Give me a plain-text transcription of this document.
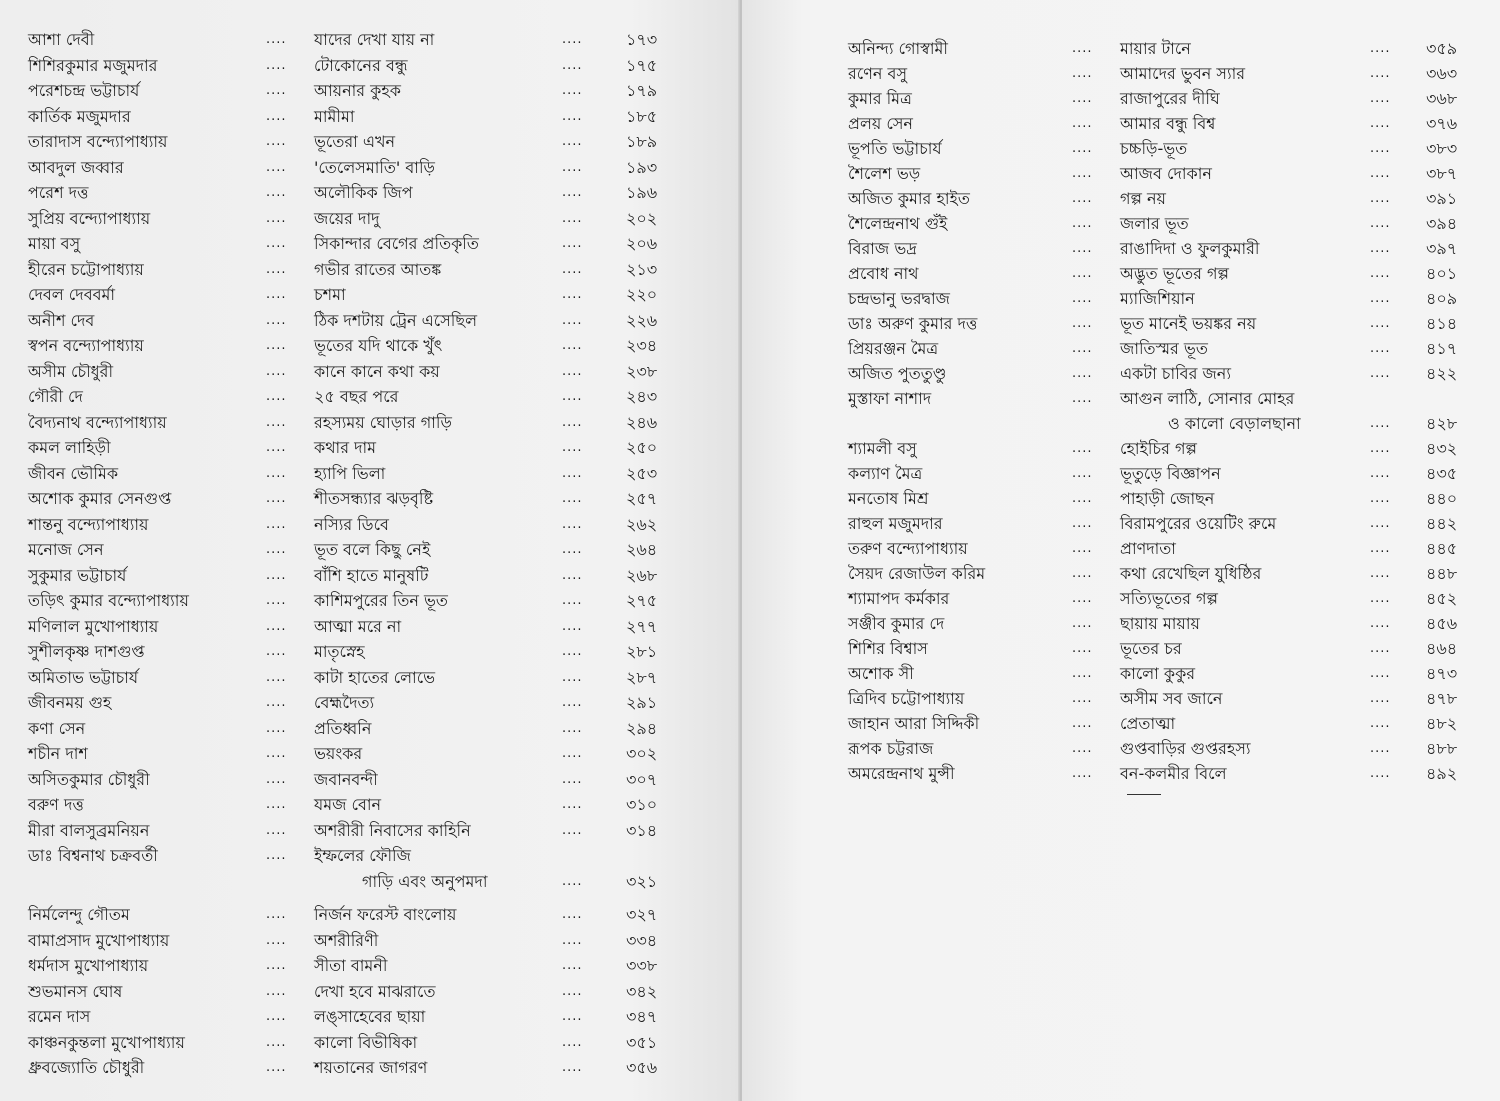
আশা দেবী	.... যাদের দেখা যায় না	....	১৭৩
শিশিরকুমার মজুমদার	.... টোকোনের বন্ধু	....	১৭৫
পরেশচন্দ্র ভট্টাচার্য	.... আয়নার কুহক	....	১৭৯
কার্তিক মজুমদার	.... মামীমা	....	১৮৫
তারাদাস বন্দ্যোপাধ্যায়	.... ভূতেরা এখন	....	১৮৯
আবদুল জব্বার	.... 'তেলেসমাতি' বাড়ি	....	১৯৩
পরেশ দত্ত	.... অলৌকিক জিপ	....	১৯৬
সুপ্রিয় বন্দ্যোপাধ্যায়	.... জয়ের দাদু	....	২০২
মায়া বসু	.... সিকান্দার বেগের প্রতিকৃতি	....	২০৬
হীরেন চট্টোপাধ্যায়	.... গভীর রাতের আতঙ্ক	....	২১৩
দেবল দেববর্মা	.... চশমা	....	২২০
অনীশ দেব	.... ঠিক দশটায় ট্রেন এসেছিল	....	২২৬
স্বপন বন্দ্যোপাধ্যায়	.... ভূতের যদি থাকে খুঁৎ	....	২৩৪
অসীম চৌধুরী	.... কানে কানে কথা কয়	....	২৩৮
গৌরী দে	.... ২৫ বছর পরে	....	২৪৩
বৈদ্যনাথ বন্দ্যোপাধ্যায়	.... রহস্যময় ঘোড়ার গাড়ি	....	২৪৬
কমল লাহিড়ী	.... কথার দাম	....	২৫০
জীবন ভৌমিক	.... হ্যাপি ভিলা	....	২৫৩
অশোক কুমার সেনগুপ্ত	.... শীতসন্ধ্যার ঝড়বৃষ্টি	....	২৫৭
শান্তনু বন্দ্যোপাধ্যায়	.... নস্যির ডিবে	....	২৬২
মনোজ সেন	.... ভূত বলে কিছু নেই	....	২৬৪
সুকুমার ভট্টাচার্য	.... বাঁশি হাতে মানুষটি	....	২৬৮
তড়িৎ কুমার বন্দ্যোপাধ্যায়	.... কাশিমপুরের তিন ভূত	....	২৭৫
মণিলাল মুখোপাধ্যায়	.... আত্মা মরে না	....	২৭৭
সুশীলকৃষ্ণ দাশগুপ্ত	.... মাতৃস্নেহ	....	২৮১
অমিতাভ ভট্টাচার্য	.... কাটা হাতের লোভে	....	২৮৭
জীবনময় গুহ	.... বেহ্মদৈত্য	....	২৯১
কণা সেন	.... প্রতিধ্বনি	....	২৯৪
শচীন দাশ	.... ভয়ংকর	....	৩০২
অসিতকুমার চৌধুরী	.... জবানবন্দী	....	৩০৭
বরুণ দত্ত	.... যমজ বোন	....	৩১০
মীরা বালসুব্রমনিয়ন	.... অশরীরী নিবাসের কাহিনি	....	৩১৪
ডাঃ বিশ্বনাথ চক্রবর্তী	.... ইম্ফলের ফৌজি
গাড়ি এবং অনুপমদা	....	৩২১
নির্মলেন্দু গৌতম	.... নির্জন ফরেস্ট বাংলোয়	....	৩২৭
বামাপ্রসাদ মুখোপাধ্যায়	.... অশরীরিণী	....	৩৩৪
ধর্মদাস মুখোপাধ্যায়	.... সীতা বামনী	....	৩৩৮
শুভমানস ঘোষ	.... দেখা হবে মাঝরাতে	....	৩৪২
রমেন দাস	.... লঙ্সাহেবের ছায়া	....	৩৪৭
কাঞ্চনকুন্তলা মুখোপাধ্যায়	.... কালো বিভীষিকা	....	৩৫১
ধ্রুবজ্যোতি চৌধুরী	.... শয়তানের জাগরণ	....	৩৫৬
অনিন্দ্য গোস্বামী	.... মায়ার টানে	.... ৩৫৯
রণেন বসু	.... আমাদের ভুবন স্যার	.... ৩৬৩
কুমার মিত্র	.... রাজাপুরের দীঘি	.... ৩৬৮
প্রলয় সেন	.... আমার বন্ধু বিশ্ব	.... ৩৭৬
ভূপতি ভট্টাচার্য	.... চচ্চড়ি-ভূত	.... ৩৮৩
শৈলেশ ভড়	.... আজব দোকান	.... ৩৮৭
অজিত কুমার হাইত	.... গল্প নয়	.... ৩৯১
শৈলেন্দ্রনাথ গুঁই	.... জলার ভূত	.... ৩৯৪
বিরাজ ভদ্র	.... রাঙাদিদা ও ফুলকুমারী	.... ৩৯৭
প্রবোধ নাথ	.... অদ্ভুত ভূতের গল্প	.... ৪০১
চন্দ্রভানু ভরদ্বাজ	.... ম্যাজিশিয়ান	.... ৪০৯
ডাঃ অরুণ কুমার দত্ত	.... ভূত মানেই ভয়ঙ্কর নয়	.... ৪১৪
প্রিয়রঞ্জন মৈত্র	.... জাতিস্মর ভূত	.... ৪১৭
অজিত পুততুণ্ডু	.... একটা চাবির জন্য	.... ৪২২
মুস্তাফা নাশাদ	.... আগুন লাঠি, সোনার মোহর
ও কালো বেড়ালছানা	.... ৪২৮
শ্যামলী বসু	.... হোইচির গল্প	.... ৪৩২
কল্যাণ মৈত্র	.... ভূতুড়ে বিজ্ঞাপন	.... ৪৩৫
মনতোষ মিশ্র	.... পাহাড়ী জোছন	.... ৪৪০
রাহুল মজুমদার	.... বিরামপুরের ওয়েটিং রুমে	.... ৪৪২
তরুণ বন্দ্যোপাধ্যায়	.... প্রাণদাতা	.... ৪৪৫
সৈয়দ রেজাউল করিম	.... কথা রেখেছিল যুধিষ্ঠির	.... ৪৪৮
শ্যামাপদ কর্মকার	.... সত্যিভূতের গল্প	.... ৪৫২
সঞ্জীব কুমার দে	.... ছায়ায় মায়ায়	.... ৪৫৬
শিশির বিশ্বাস	.... ভূতের চর	.... ৪৬৪
অশোক সী	.... কালো কুকুর	.... ৪৭৩
ত্রিদিব চট্টোপাধ্যায়	.... অসীম সব জানে	.... ৪৭৮
জাহান আরা সিদ্দিকী	.... প্রেতাত্মা	.... ৪৮২
রূপক চট্টরাজ	.... গুপ্তবাড়ির গুপ্তরহস্য	.... ৪৮৮
অমরেন্দ্রনাথ মুন্সী	.... বন-কলমীর বিলে	.... ৪৯২
